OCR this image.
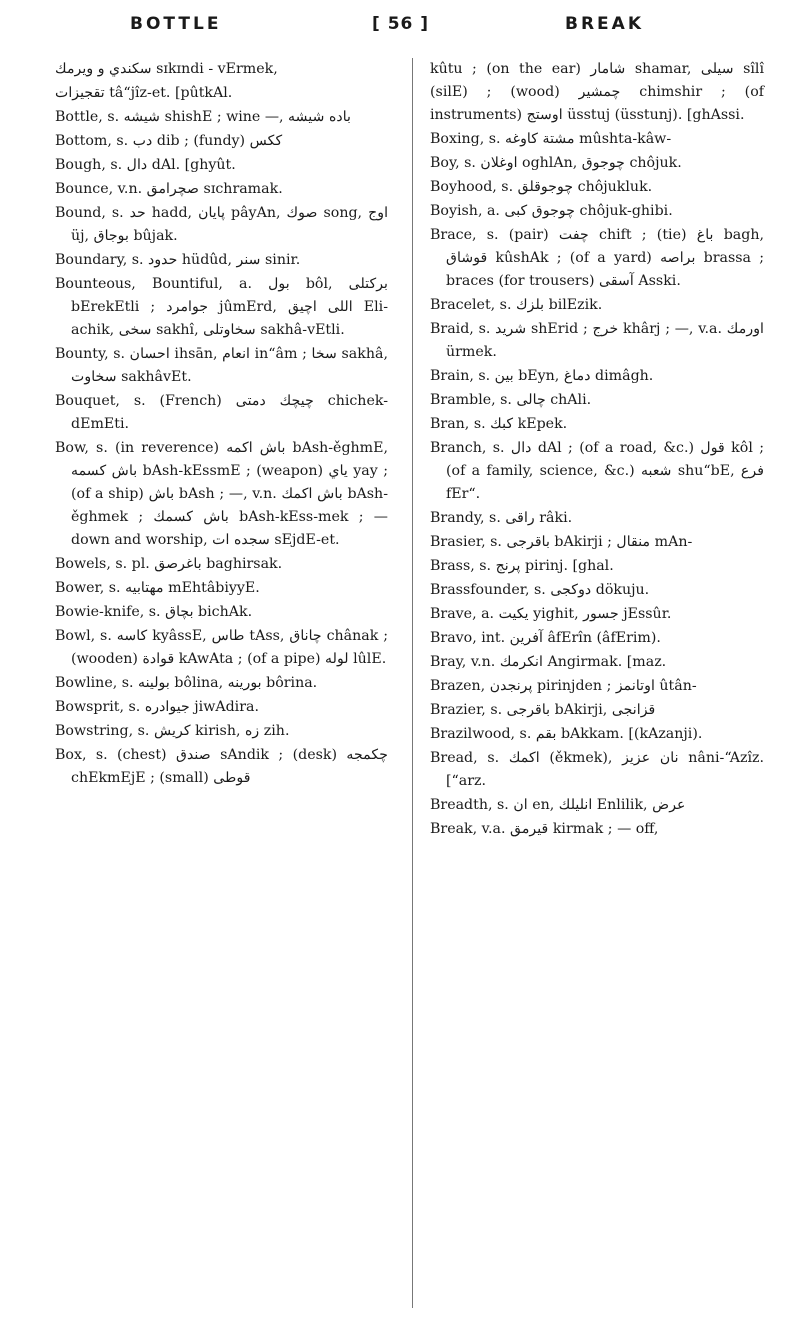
BOTTLE	[ 56 ]	BREAK

سكندي و ويرمك sɪkɪndi - vErmek,

تقجيزات tâ“jîz-et. [pûtkAl.

Bottle, s. شيشه shishE ; wine —, باده شيشه

Bottom, s. دب dib ; (fundy) ككس

Bough, s. دال dAl. [ghyût.

Bounce, v.n. صچرامق sɪchramak.

Bound, s. حد hadd, پايان pâyAn, صوك song, اوج üj, بوجاق bûjak.

Boundary, s. حدود hüdûd, سنر sinir.

Bounteous, Bountiful, a. بول bôl, بركتلی bErekEtli ; جوامرد jûmErd, اللی اچيق Eli-achik, سخی sakhî, سخاوتلی sakhâ-vEtli.

Bounty, s. احسان ihsān, انعام in“âm ; سخا sakhâ, سخاوت sakhâvEt.

Bouquet, s. (French) چيچك دمتی chichek-dEmEti.

Bow, s. (in reverence) باش اكمه bAsh-ěghmE, باش كسمه bAsh-kEssmE ; (weapon) ياي yay ; (of a ship) باش bAsh ; —, v.n. باش اكمك bAsh-ěghmek ; باش كسمك bAsh-kEss-mek ; — down and worship, سجده ات sEjdE-et.

Bowels, s. pl. باغرصق baghirsak.

Bower, s. مهتابيه mEhtâbiyyE.

Bowie-knife, s. بچاق bichAk.

Bowl, s. كاسه kyâssE, طاس tAss, چاناق chânak ; (wooden) قوادة kAwAta ; (of a pipe) لوله lûlE.

Bowline, s. بولينه bôlina, بورينه bôrina.

Bowsprit, s. جيوادره jiwAdira.

Bowstring, s. كريش kirish, زه zih.

Box, s. (chest) صندق sAndik ; (desk) چكمجه chEkmEjE ; (small) قوطی

kûtu ; (on the ear) شامار shamar, سيلی sîlî (silE) ; (wood) چمشير chimshir ; (of instruments) اوستج üsstuj (üsstunj). [ghAssi.

Boxing, s. مشتة كاوغه mûshta-kâw-

Boy, s. اوغلان oghlAn, چوجوق chôjuk.

Boyhood, s. چوجوقلق chôjukluk.

Boyish, a. چوجوق كبی chôjuk-ghibi.

Brace, s. (pair) چفت chift ; (tie) باغ bagh, قوشاق kûshAk ; (of a yard) براصه brassa ; braces (for trousers) آسقی Asski.

Bracelet, s. بلزك bilEzik.

Braid, s. شريد shErid ; خرج khârj ; —, v.a. اورمك ürmek.

Brain, s. بين bEyn, دماغ dimâgh.

Bramble, s. چالی chAli.

Bran, s. كبك kEpek.

Branch, s. دال dAl ; (of a road, &c.) قول kôl ; (of a family, science, &c.) شعبه shu“bE, فرع fEr“.

Brandy, s. راقی râki.

Brasier, s. باقرجی bAkirji ; منقال mAn-

Brass, s. پرنج pirinj. [ghal.

Brassfounder, s. دوكجی dökuju.

Brave, a. يكيت yighit, جسور jEssûr.

Bravo, int. آفرين âfErîn (âfErim).

Bray, v.n. انكرمك Angirmak. [maz.

Brazen, پرنجدن pirinjden ; اوتانمز ûtân-

Brazier, s. باقرجی bAkirji, قزانجی

Brazilwood, s. بقم bAkkam. [(kAzanji).

Bread, s. اكمك (ěkmek), نان عزيز nâni-“Azîz. [“arz.

Breadth, s. ان en, انلیلك Enlilik, عرض

Break, v.a. قيرمق kirmak ; — off,
